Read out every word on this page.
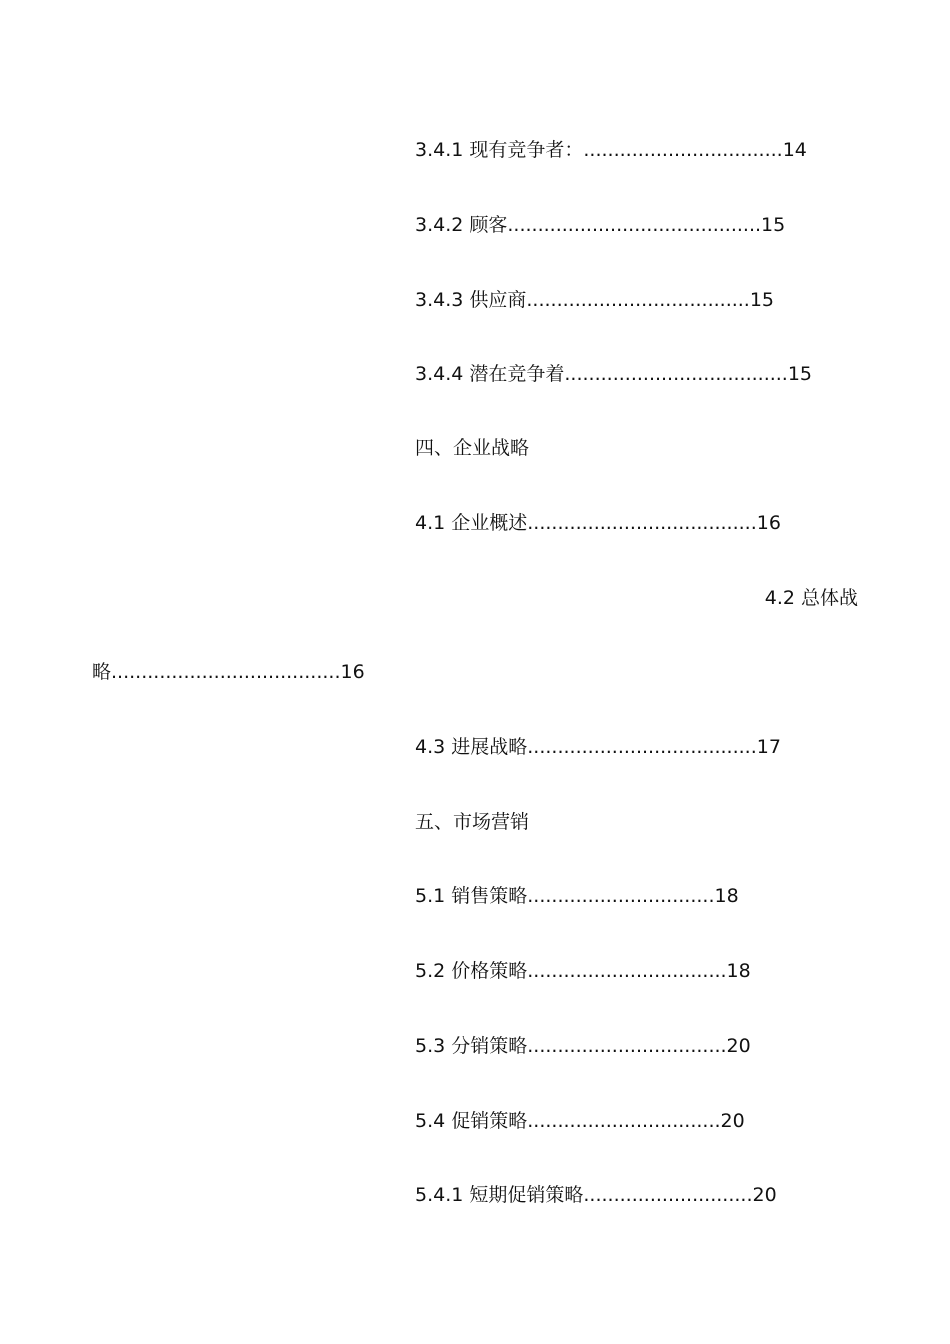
3.4.1 现有竞争者：.................................14
3.4.2 顾客..........................................15
3.4.3 供应商.....................................15
3.4.4 潜在竞争着.....................................15
四、企业战略
4.1 企业概述......................................16
4.2 总体战
略......................................16
4.3 进展战略......................................17
五、市场营销
5.1 销售策略...............................18
5.2 价格策略.................................18
5.3 分销策略.................................20
5.4 促销策略................................20
5.4.1 短期促销策略............................20
